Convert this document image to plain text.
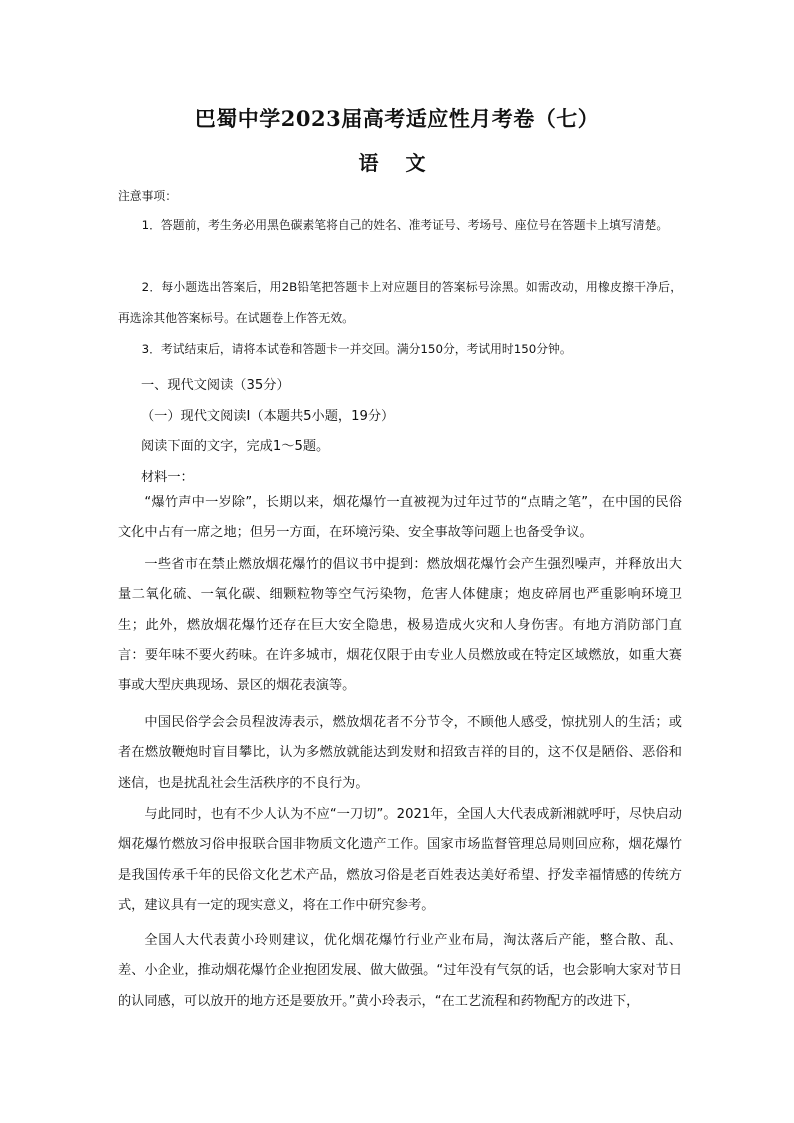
巴蜀中学2023届高考适应性月考卷（七）
语 文
注意事项：

1．答题前，考生务必用黑色碳素笔将自己的姓名、准考证号、考场号、座位号在答题卡上填写清楚。

2．每小题选出答案后，用2B铅笔把答题卡上对应题目的答案标号涂黑。如需改动，用橡皮擦干净后，再选涂其他答案标号。在试题卷上作答无效。

3．考试结束后，请将本试卷和答题卡一并交回。满分150分，考试用时150分钟。

一、现代文阅读（35分）
（一）现代文阅读Ⅰ（本题共5小题，19分）
阅读下面的文字，完成1～5题。
材料一：

“爆竹声中一岁除”，长期以来，烟花爆竹一直被视为过年过节的“点睛之笔”，在中国的民俗文化中占有一席之地；但另一方面，在环境污染、安全事故等问题上也备受争议。

一些省市在禁止燃放烟花爆竹的倡议书中提到：燃放烟花爆竹会产生强烈噪声，并释放出大量二氧化硫、一氧化碳、细颗粒物等空气污染物，危害人体健康；炮皮碎屑也严重影响环境卫生；此外，燃放烟花爆竹还存在巨大安全隐患，极易造成火灾和人身伤害。有地方消防部门直言：要年味不要火药味。在许多城市，烟花仅限于由专业人员燃放或在特定区域燃放，如重大赛事或大型庆典现场、景区的烟花表演等。

中国民俗学会会员程波涛表示，燃放烟花者不分节令，不顾他人感受，惊扰别人的生活；或者在燃放鞭炮时盲目攀比，认为多燃放就能达到发财和招致吉祥的目的，这不仅是陋俗、恶俗和迷信，也是扰乱社会生活秩序的不良行为。

与此同时，也有不少人认为不应“一刀切”。2021年，全国人大代表成新湘就呼吁，尽快启动烟花爆竹燃放习俗申报联合国非物质文化遗产工作。国家市场监督管理总局则回应称，烟花爆竹是我国传承千年的民俗文化艺术产品，燃放习俗是老百姓表达美好希望、抒发幸福情感的传统方式，建议具有一定的现实意义，将在工作中研究参考。

全国人大代表黄小玲则建议，优化烟花爆竹行业产业布局，淘汰落后产能，整合散、乱、差、小企业，推动烟花爆竹企业抱团发展、做大做强。“过年没有气氛的话，也会影响大家对节日的认同感，可以放开的地方还是要放开。”黄小玲表示，“在工艺流程和药物配方的改进下，
